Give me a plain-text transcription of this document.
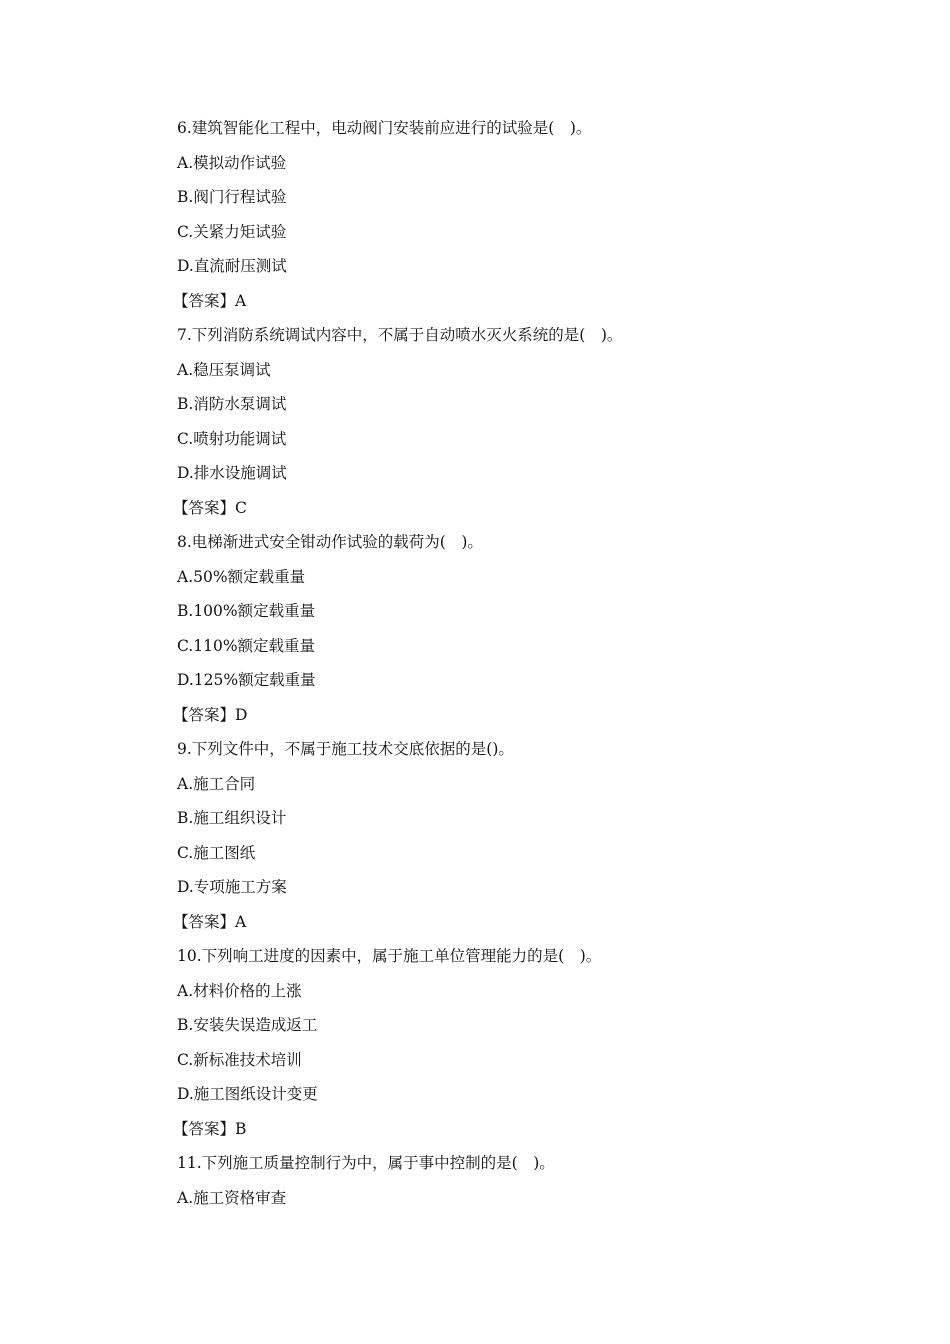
6.建筑智能化工程中，电动阀门安装前应进行的试验是(　)。
A.模拟动作试验
B.阀门行程试验
C.关紧力矩试验
D.直流耐压测试
【答案】A
7.下列消防系统调试内容中，不属于自动喷水灭火系统的是(　)。
A.稳压泵调试
B.消防水泵调试
C.喷射功能调试
D.排水设施调试
【答案】C
8.电梯渐进式安全钳动作试验的载荷为(　)。
A.50%额定载重量
B.100%额定载重量
C.110%额定载重量
D.125%额定载重量
【答案】D
9.下列文件中，不属于施工技术交底依据的是()。
A.施工合同
B.施工组织设计
C.施工图纸
D.专项施工方案
【答案】A
10.下列响工进度的因素中，属于施工单位管理能力的是(　)。
A.材料价格的上涨
B.安装失误造成返工
C.新标准技术培训
D.施工图纸设计变更
【答案】B
11.下列施工质量控制行为中，属于事中控制的是(　)。
A.施工资格审查
